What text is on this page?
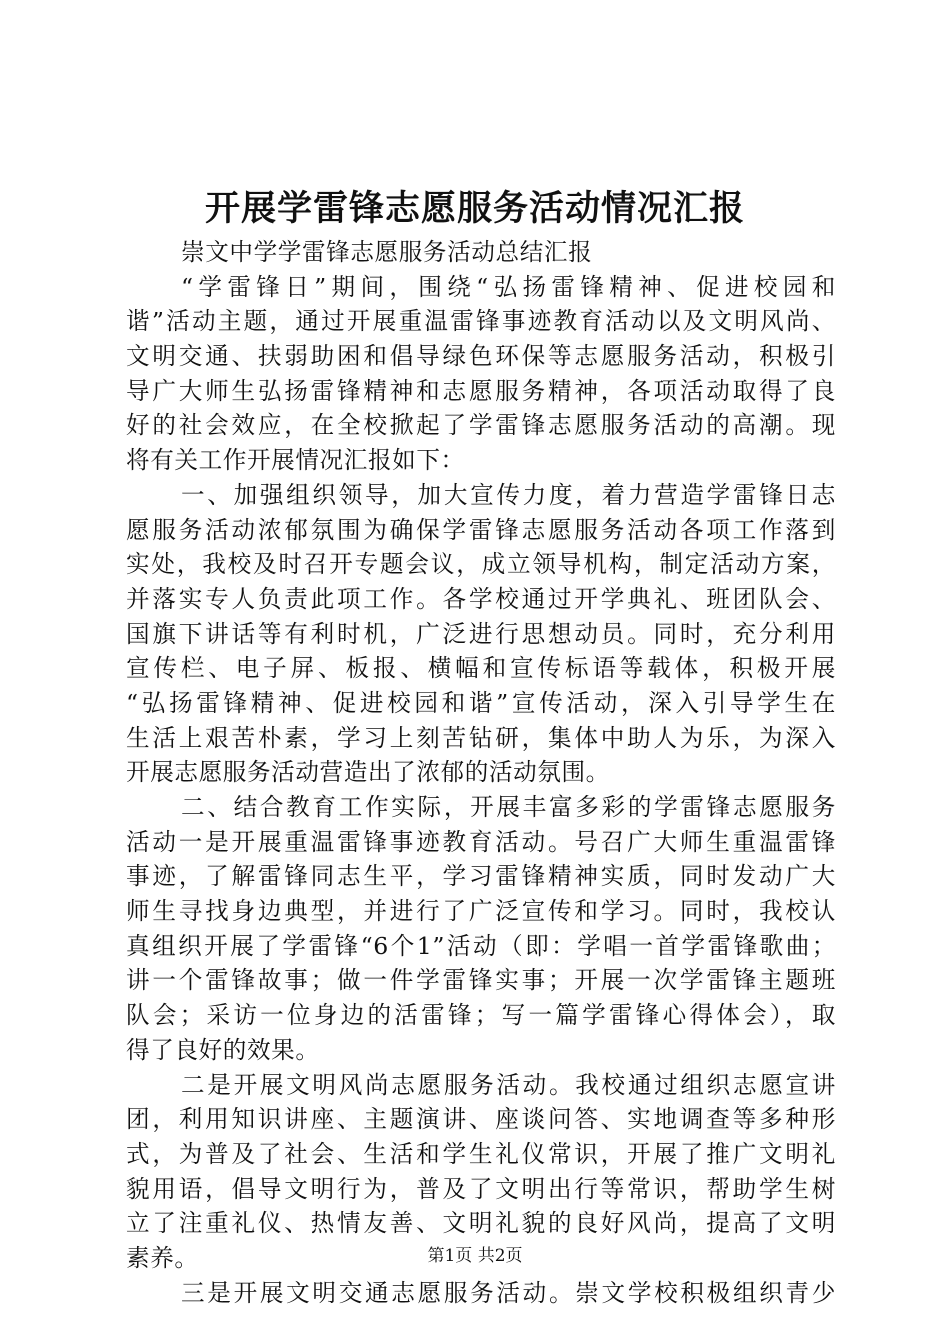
开展学雷锋志愿服务活动情况汇报
崇文中学学雷锋志愿服务活动总结汇报
“学雷锋日”期间，围绕“弘扬雷锋精神、促进校园和
谐”活动主题，通过开展重温雷锋事迹教育活动以及文明风尚、
文明交通、扶弱助困和倡导绿色环保等志愿服务活动，积极引
导广大师生弘扬雷锋精神和志愿服务精神，各项活动取得了良
好的社会效应，在全校掀起了学雷锋志愿服务活动的高潮。现
将有关工作开展情况汇报如下：
一、加强组织领导，加大宣传力度，着力营造学雷锋日志
愿服务活动浓郁氛围为确保学雷锋志愿服务活动各项工作落到
实处，我校及时召开专题会议，成立领导机构，制定活动方案，
并落实专人负责此项工作。各学校通过开学典礼、班团队会、
国旗下讲话等有利时机，广泛进行思想动员。同时，充分利用
宣传栏、电子屏、板报、横幅和宣传标语等载体，积极开展
“弘扬雷锋精神、促进校园和谐”宣传活动，深入引导学生在
生活上艰苦朴素，学习上刻苦钻研，集体中助人为乐，为深入
开展志愿服务活动营造出了浓郁的活动氛围。
二、结合教育工作实际，开展丰富多彩的学雷锋志愿服务
活动一是开展重温雷锋事迹教育活动。号召广大师生重温雷锋
事迹，了解雷锋同志生平，学习雷锋精神实质，同时发动广大
师生寻找身边典型，并进行了广泛宣传和学习。同时，我校认
真组织开展了学雷锋“6个1”活动（即：学唱一首学雷锋歌曲；
讲一个雷锋故事；做一件学雷锋实事；开展一次学雷锋主题班
队会；采访一位身边的活雷锋；写一篇学雷锋心得体会），取
得了良好的效果。
二是开展文明风尚志愿服务活动。我校通过组织志愿宣讲
团，利用知识讲座、主题演讲、座谈问答、实地调查等多种形
式，为普及了社会、生活和学生礼仪常识，开展了推广文明礼
貌用语，倡导文明行为，普及了文明出行等常识，帮助学生树
立了注重礼仪、热情友善、文明礼貌的良好风尚，提高了文明
素养。
三是开展文明交通志愿服务活动。崇文学校积极组织青少
第1页 共2页
